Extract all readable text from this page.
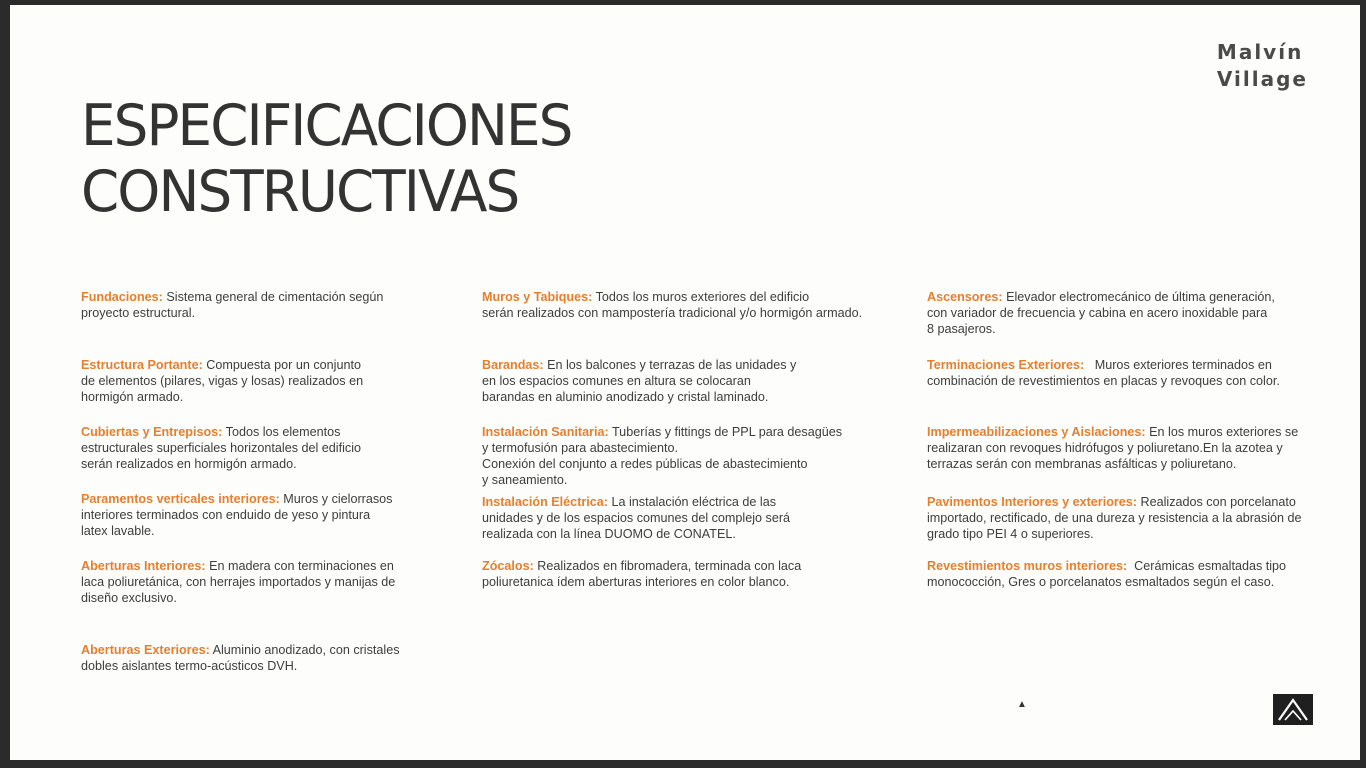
Malvín
Village
ESPECIFICACIONES
CONSTRUCTIVAS
Fundaciones: Sistema general de cimentación según
proyecto estructural.
Estructura Portante: Compuesta por un conjunto
de elementos (pilares, vigas y losas) realizados en
hormigón armado.
Cubiertas y Entrepisos: Todos los elementos
estructurales superficiales horizontales del edificio
serán realizados en hormigón armado.
Paramentos verticales interiores: Muros y cielorrasos
interiores terminados con enduido de yeso y pintura
latex lavable.
Aberturas Interiores: En madera con terminaciones en
laca poliuretánica, con herrajes importados y manijas de
diseño exclusivo.
Aberturas Exteriores: Aluminio anodizado, con cristales
dobles aislantes termo-acústicos DVH.
Muros y Tabiques: Todos los muros exteriores del edificio
serán realizados con mampostería tradicional y/o hormigón armado.
Barandas: En los balcones y terrazas de las unidades y
en los espacios comunes en altura se colocaran
barandas en aluminio anodizado y cristal laminado.
Instalación Sanitaria: Tuberías y fittings de PPL para desagües
y termofusión para abastecimiento.
Conexión del conjunto a redes públicas de abastecimiento
y saneamiento.
Instalación Eléctrica: La instalación eléctrica de las
unidades y de los espacios comunes del complejo será
realizada con la línea DUOMO de CONATEL.
Zócalos: Realizados en fibromadera, terminada con laca
poliuretanica ídem aberturas interiores en color blanco.
Ascensores: Elevador electromecánico de última generación,
con variador de frecuencia y cabina en acero inoxidable para
8 pasajeros.
Terminaciones Exteriores:   Muros exteriores terminados en
combinación de revestimientos en placas y revoques con color.
Impermeabilizaciones y Aislaciones: En los muros exteriores se
realizaran con revoques hidrófugos y poliuretano.En la azotea y
terrazas serán con membranas asfálticas y poliuretano.
Pavimentos Interiores y exteriores: Realizados con porcelanato
importado, rectificado, de una dureza y resistencia a la abrasión de
grado tipo PEI 4 o superiores.
Revestimientos muros interiores:  Cerámicas esmaltadas tipo
monococción, Gres o porcelanatos esmaltados según el caso.
▲
